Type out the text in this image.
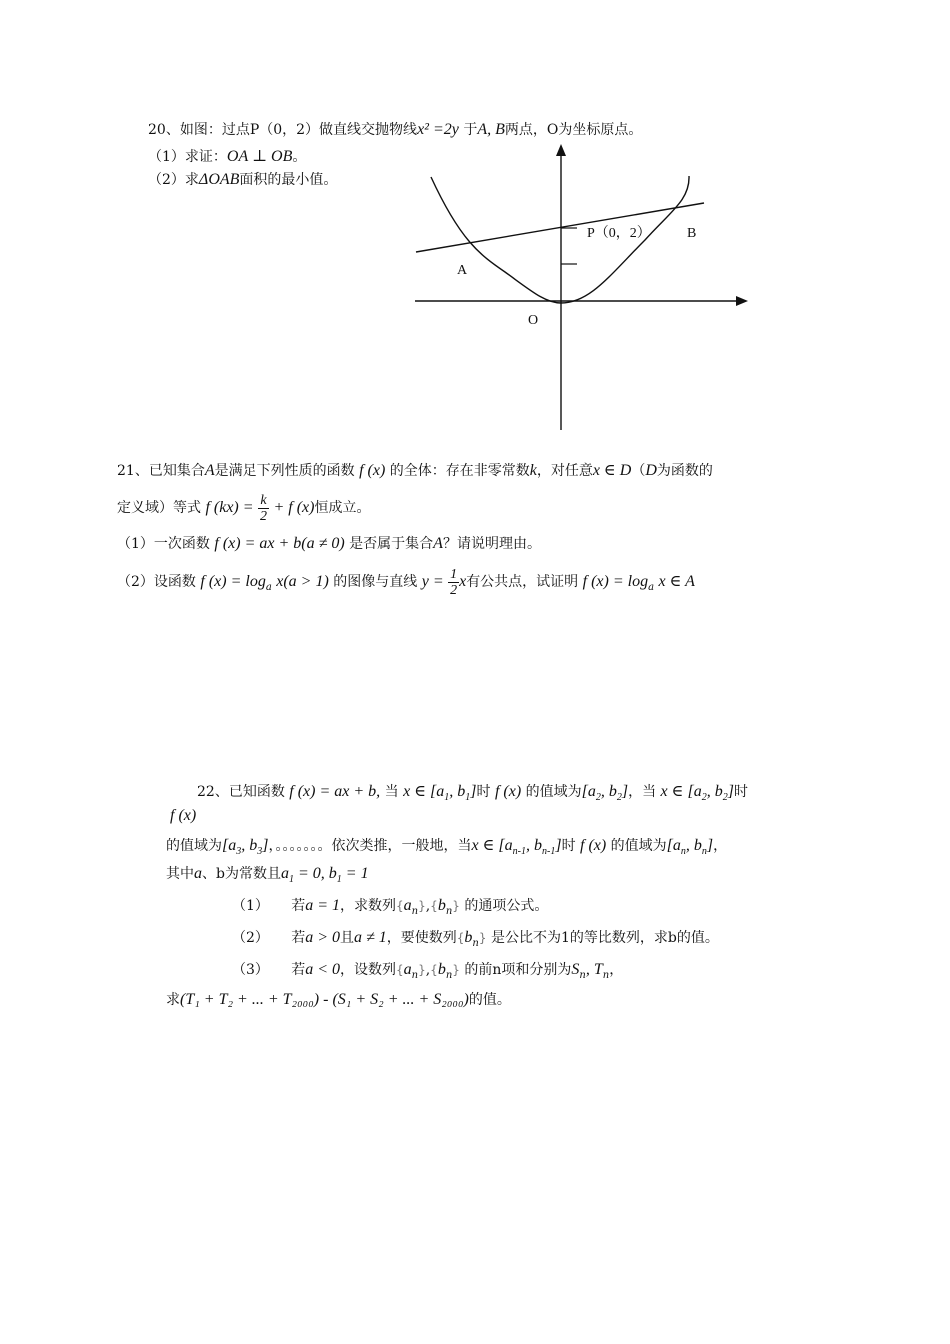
20、如图：过点P（0，2）做直线交抛物线x² =2y 于A, B两点，O为坐标原点。
（1）求证：OA ⊥ OB。
（2）求ΔOAB面积的最小值。
P（0，2）	B
A
O
21、已知集合A是满足下列性质的函数 f (x) 的全体：存在非零常数k，对任意x ∈ D（D为函数的
定义域）等式 f $(kx) = \frac{k}{2} + f$ (x)恒成立。
（1）一次函数 f (x) = ax + b(a ≠ 0) 是否属于集合A？请说明理由。
（2）设函数 f $(x) = \log_a x(a > 1)$ 的图像与直线 $y = \frac{1}{2}$ x有公共点，试证明 f $(x) = \log_a x$ ∈ A
22、已知函数 f (x) = ax + b, 当 x ∈ [$a_1$, $b_1$]时 f (x) 的值域为[$a_2$, $b_2$]，当 x ∈ [$a_2$, $b_2$]时
f (x)
的值域为[$a_3$, $b_3$]，。。。。。。。依次类推，一般地，当x ∈ [$a_{n-1}$, $b_{n-1}$]时 f (x) 的值域为[$a_n$, $b_n$]，
其中a、b为常数且$a_1 = 0$, $b_1 = 1$
（1） 若a = 1，求数列$\{a_n\},\{b_n\}$ 的通项公式。
（2） 若a > 0且a ≠ 1，要使数列$\{b_n\}$ 是公比不为1的等比数列，求b的值。
（3） 若a < 0，设数列$\{a_n\},\{b_n\}$ 的前n项和分别为$S_n$, $T_n$，
求(T₁ + T₂ + ... + T₂₀₀₀) - (S₁ + S₂ + ... + S₂₀₀₀)的值。
